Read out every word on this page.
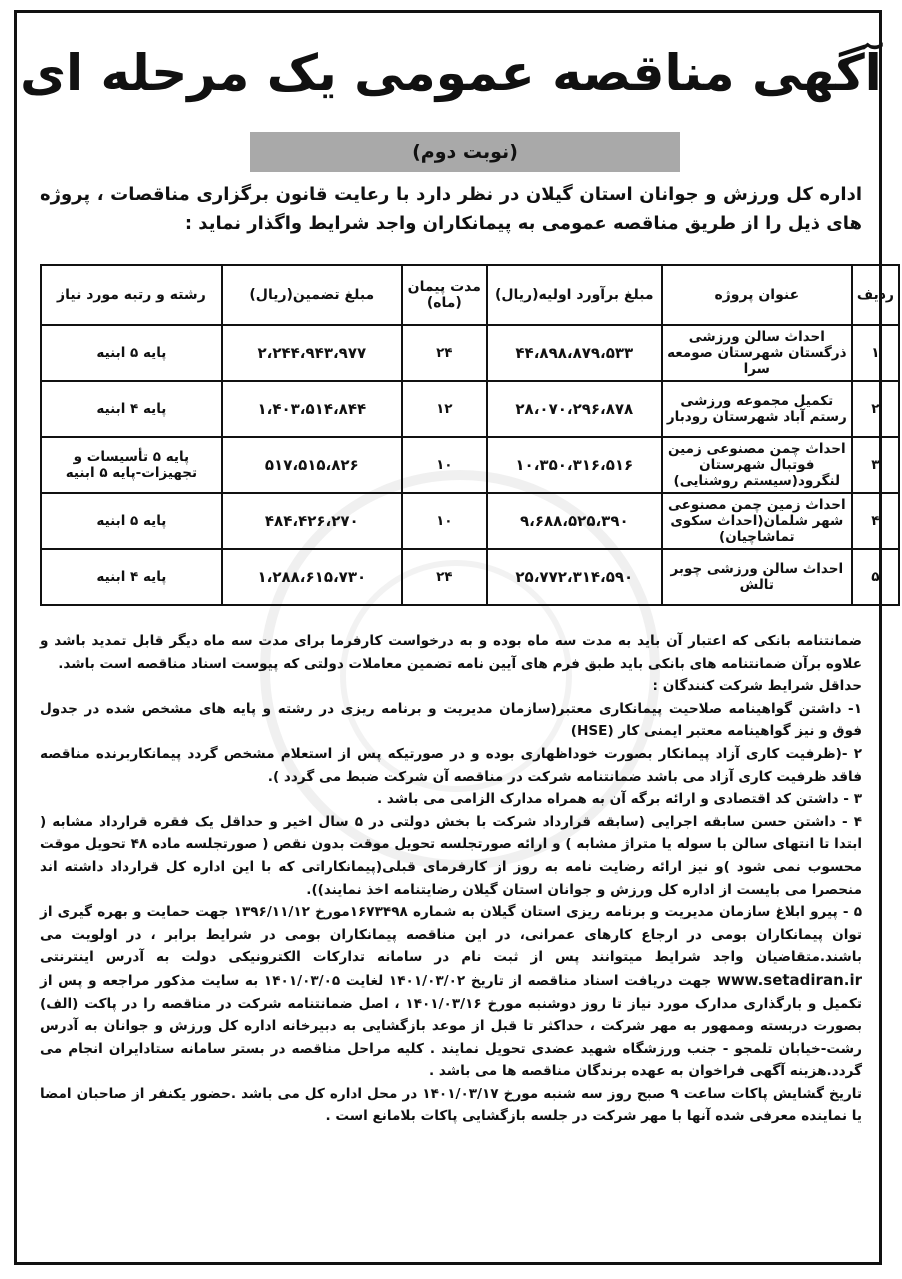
آگهی مناقصه عمومی یک مرحله ای
(نوبت دوم)
اداره کل ورزش و جوانان استان گیلان در نظر دارد با رعایت قانون برگزاری مناقصات ، پروژه های ذیل را از طریق مناقصه عمومی به پیمانکاران واجد شرایط واگذار نماید :
ردیف	عنوان پروژه	مبلغ برآورد اولیه(ریال)	مدت پیمان (ماه)	مبلغ تضمین(ریال)	رشته و رتبه مورد نیاز
۱	احداث سالن ورزشی ذرگستان شهرستان صومعه سرا	۴۴،۸۹۸،۸۷۹،۵۳۳	۲۴	۲،۲۴۴،۹۴۳،۹۷۷	پایه ۵ ابنیه
۲	تکمیل مجموعه ورزشی رستم آباد شهرستان رودبار	۲۸،۰۷۰،۲۹۶،۸۷۸	۱۲	۱،۴۰۳،۵۱۴،۸۴۴	پایه ۴ ابنیه
۳	احداث چمن مصنوعی زمین فوتبال شهرستان لنگرود(سیستم روشنایی)	۱۰،۳۵۰،۳۱۶،۵۱۶	۱۰	۵۱۷،۵۱۵،۸۲۶	پایه ۵ تأسیسات و تجهیزات-پایه ۵ ابنیه
۴	احداث زمین چمن مصنوعی شهر شلمان(احداث سکوی تماشاچیان)	۹،۶۸۸،۵۲۵،۳۹۰	۱۰	۴۸۴،۴۲۶،۲۷۰	پایه ۵ ابنیه
۵	احداث سالن ورزشی چوبر تالش	۲۵،۷۷۲،۳۱۴،۵۹۰	۲۴	۱،۲۸۸،۶۱۵،۷۳۰	پایه ۴ ابنیه

ضمانتنامه بانکی که اعتبار آن باید به مدت سه ماه بوده و به درخواست کارفرما برای مدت سه ماه دیگر قابل تمدید باشد و علاوه برآن ضمانتنامه های بانکی باید طبق فرم های آیین نامه تضمین معاملات دولتی که پیوست اسناد مناقصه است باشد.

حداقل شرایط شرکت کنندگان :

۱- داشتن گواهینامه صلاحیت پیمانکاری معتبر(سازمان مدیریت و برنامه ریزی در رشته و پایه های مشخص شده در جدول فوق و نیز گواهینامه معتبر ایمنی کار (HSE)

۲ -(ظرفیت کاری آزاد پیمانکار بصورت خوداظهاری بوده و در صورتیکه پس از استعلام مشخص گردد پیمانکاربرنده مناقصه فاقد ظرفیت کاری آزاد می باشد ضمانتنامه شرکت در مناقصه آن شرکت ضبط می گردد ).

۳ - داشتن کد اقتصادی و ارائه برگه آن به همراه مدارک الزامی می باشد .

۴ - داشتن حسن سابقه اجرایی (سابقه قرارداد شرکت با بخش دولتی در ۵ سال اخیر و حداقل یک فقره قرارداد مشابه ( ابتدا تا انتهای سالن با سوله یا متراژ مشابه ) و ارائه صورتجلسه تحویل موقت بدون نقص ( صورتجلسه ماده ۴۸ تحویل موقت محسوب نمی شود )و نیز ارائه رضایت نامه به روز از کارفرمای قبلی(پیمانکاراتی که با این اداره کل قرارداد داشته اند منحصرا می بایست از اداره کل ورزش و جوانان استان گیلان رضایتنامه اخذ نمایند)).

۵ - پیرو ابلاغ سازمان مدیریت و برنامه ریزی استان گیلان به شماره ۱۶۷۳۴۹۸مورخ ۱۳۹۶/۱۱/۱۲ جهت حمایت و بهره گیری از توان پیمانکاران بومی در ارجاع کارهای عمرانی، در این مناقصه پیمانکاران بومی در شرایط برابر ، در اولویت می باشند.متقاضیان واجد شرایط میتوانند پس از ثبت نام در سامانه تدارکات الکترونیکی دولت به آدرس اینترنتی www.setadiran.ir جهت دریافت اسناد مناقصه از تاریخ ۱۴۰۱/۰۳/۰۲ لغایت ۱۴۰۱/۰۳/۰۵ به سایت مذکور مراجعه و پس از تکمیل و بارگذاری مدارک مورد نیاز تا روز دوشنبه مورخ ۱۴۰۱/۰۳/۱۶ ، اصل ضمانتنامه شرکت در مناقصه را در پاکت (الف) بصورت دربسته وممهور به مهر شرکت ، حداکثر تا قبل از موعد بازگشایی به دبیرخانه اداره کل ورزش و جوانان به آدرس رشت-خیابان تلمجو - جنب ورزشگاه شهید عضدی تحویل نمایند . کلیه مراحل مناقصه در بستر سامانه ستادایران انجام می گردد.هزینه آگهی فراخوان به عهده برندگان مناقصه ها می باشد .

تاریخ گشایش پاکات ساعت ۹ صبح روز سه شنبه مورخ ۱۴۰۱/۰۳/۱۷ در محل اداره کل می باشد .حضور یکنفر از صاحبان امضا یا نماینده معرفی شده آنها با مهر شرکت در جلسه بازگشایی پاکات بلامانع است .
